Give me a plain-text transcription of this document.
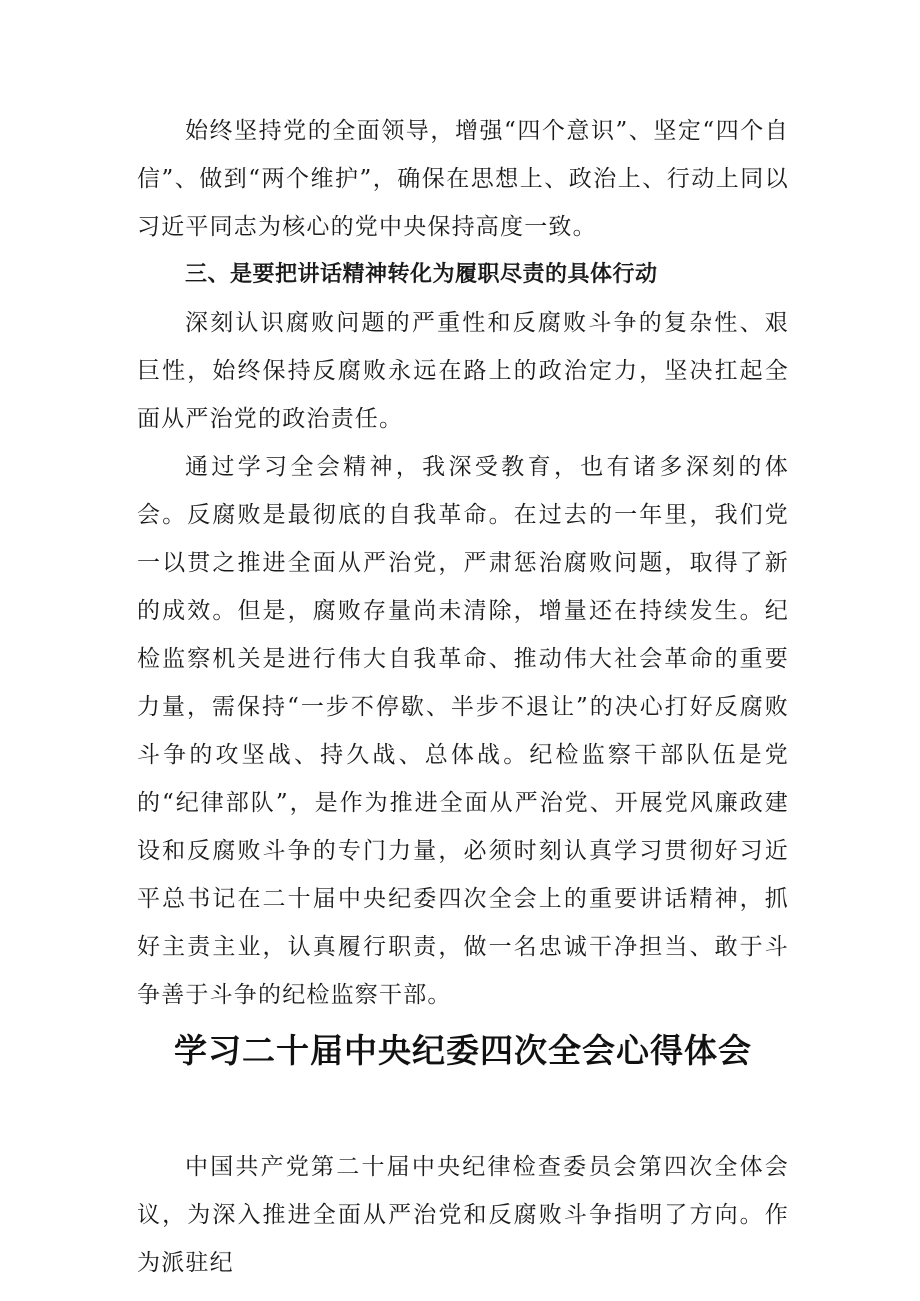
始终坚持党的全面领导，增强“四个意识”、坚定“四个自信”、做到“两个维护”，确保在思想上、政治上、行动上同以习近平同志为核心的党中央保持高度一致。

三、是要把讲话精神转化为履职尽责的具体行动

深刻认识腐败问题的严重性和反腐败斗争的复杂性、艰巨性，始终保持反腐败永远在路上的政治定力，坚决扛起全面从严治党的政治责任。

通过学习全会精神，我深受教育，也有诸多深刻的体会。反腐败是最彻底的自我革命。在过去的一年里，我们党一以贯之推进全面从严治党，严肃惩治腐败问题，取得了新的成效。但是，腐败存量尚未清除，增量还在持续发生。纪检监察机关是进行伟大自我革命、推动伟大社会革命的重要力量，需保持“一步不停歇、半步不退让”的决心打好反腐败斗争的攻坚战、持久战、总体战。纪检监察干部队伍是党的“纪律部队”，是作为推进全面从严治党、开展党风廉政建设和反腐败斗争的专门力量，必须时刻认真学习贯彻好习近平总书记在二十届中央纪委四次全会上的重要讲话精神，抓好主责主业，认真履行职责，做一名忠诚干净担当、敢于斗争善于斗争的纪检监察干部。

学习二十届中央纪委四次全会心得体会

中国共产党第二十届中央纪律检查委员会第四次全体会议，为深入推进全面从严治党和反腐败斗争指明了方向。作为派驻纪
